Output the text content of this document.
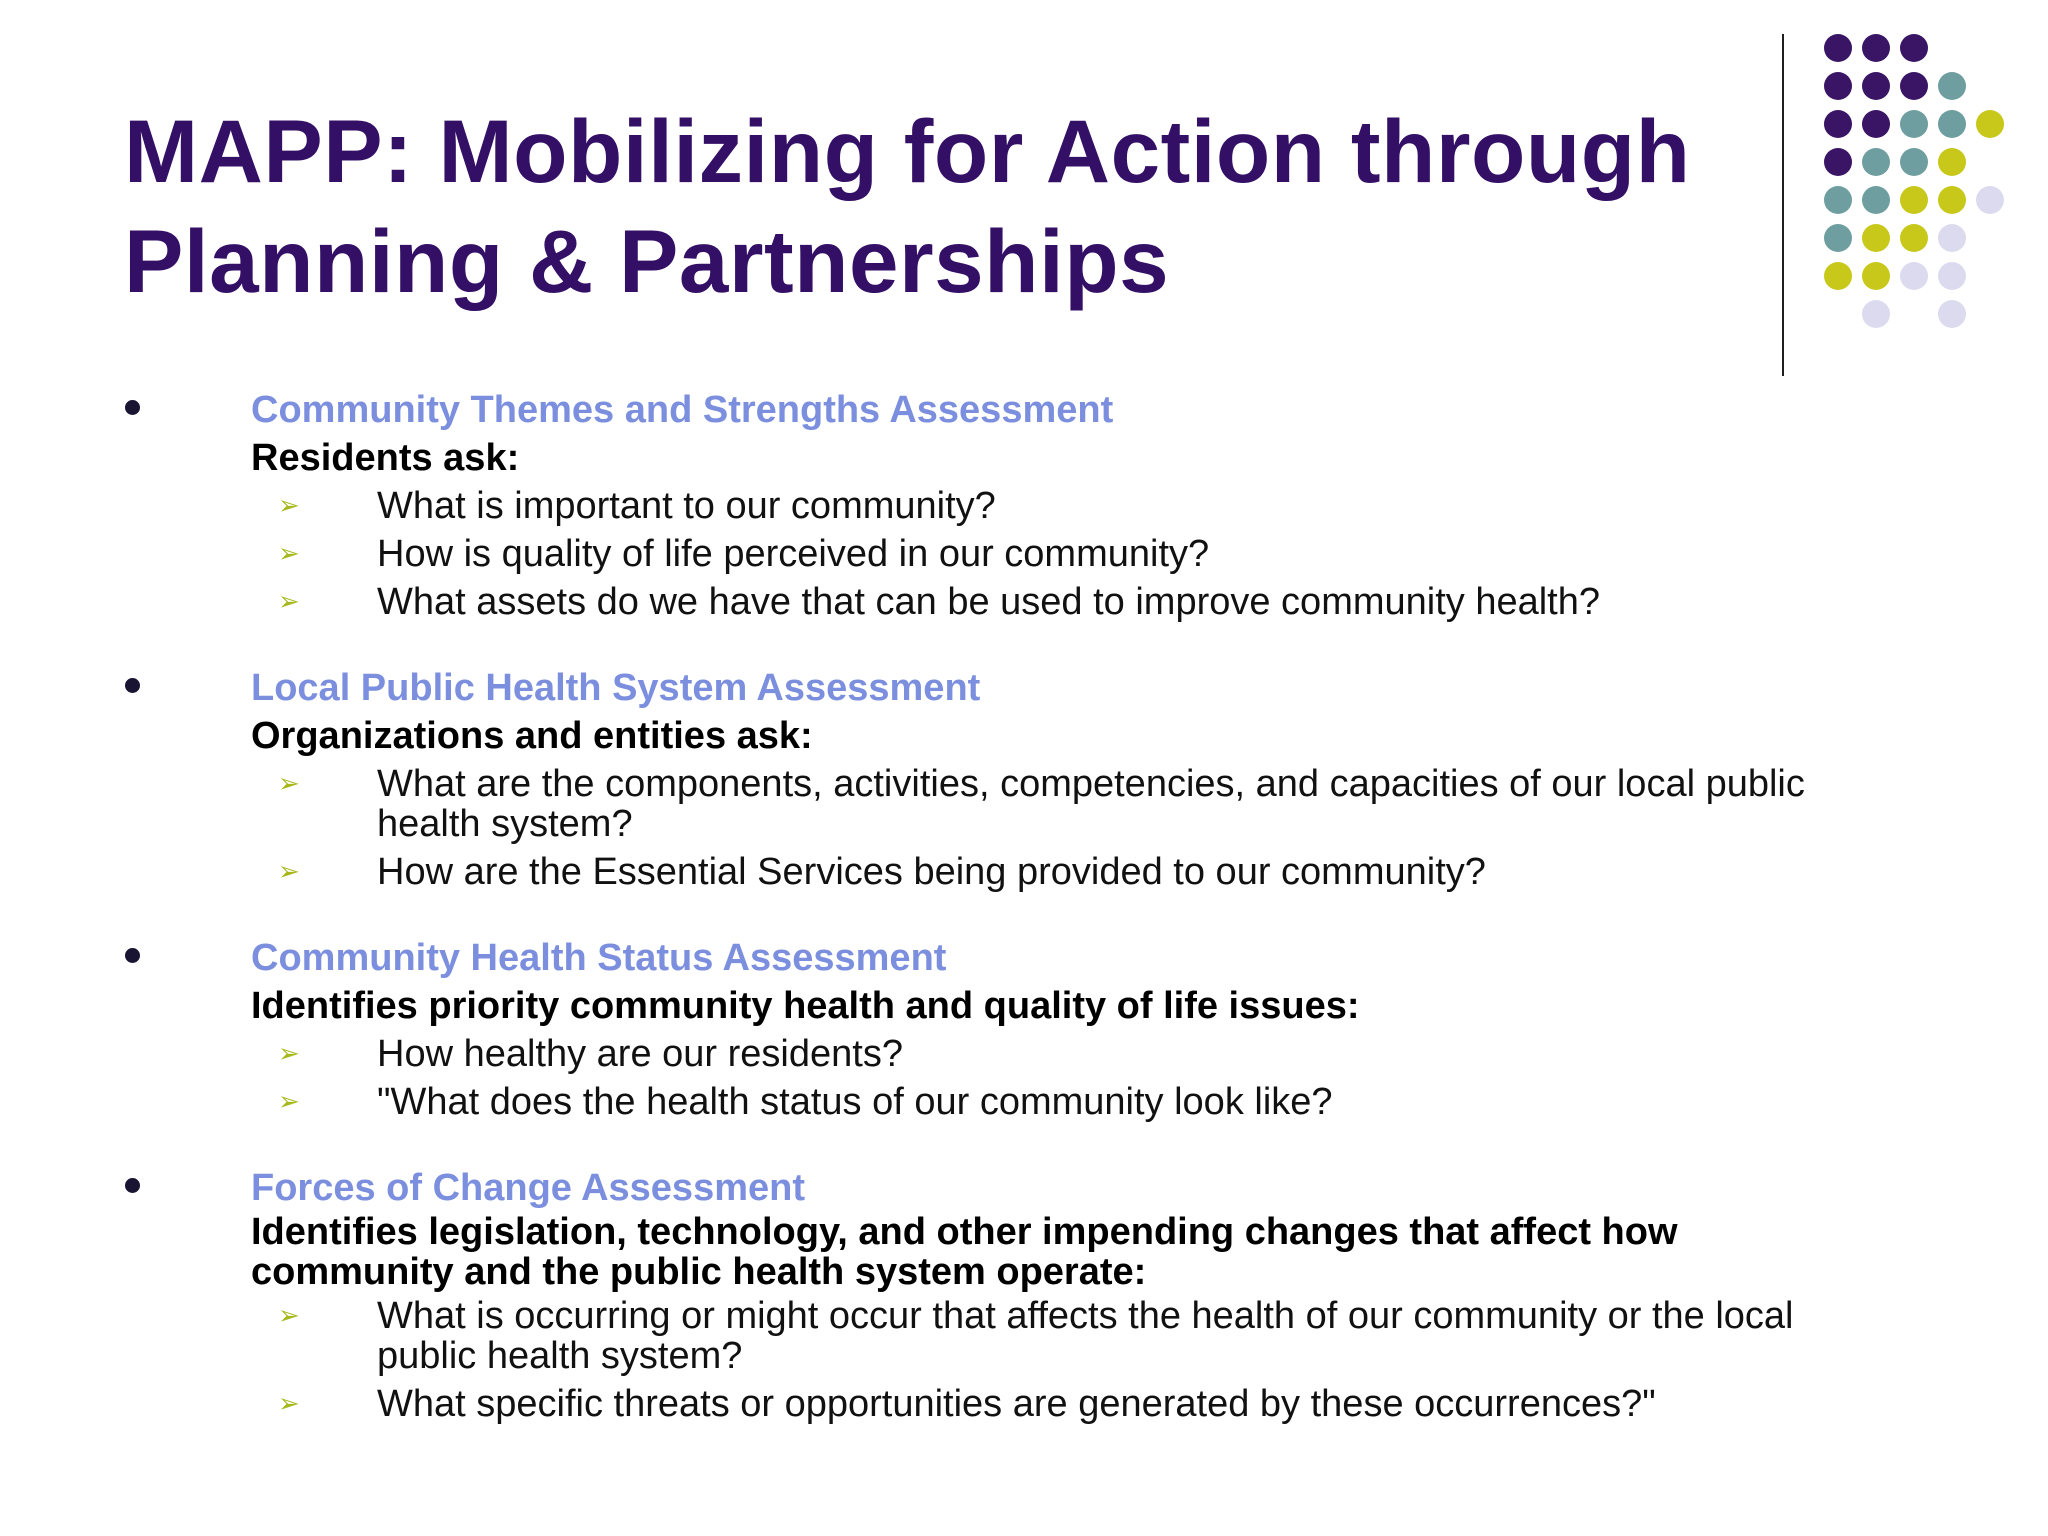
MAPP: Mobilizing for Action through
Planning & Partnerships
Community Themes and Strengths Assessment
Residents ask:
➢ What is important to our community?
➢ How is quality of life perceived in our community?
➢ What assets do we have that can be used to improve community health?
Local Public Health System Assessment
Organizations and entities ask:
➢ What are the components, activities, competencies, and capacities of our local public health system?
➢ How are the Essential Services being provided to our community?
Community Health Status Assessment
Identifies priority community health and quality of life issues:
➢ How healthy are our residents?
➢ "What does the health status of our community look like?
Forces of Change Assessment
Identifies legislation, technology, and other impending changes that affect how community and the public health system operate:
➢ What is occurring or might occur that affects the health of our community or the local public health system?
➢ What specific threats or opportunities are generated by these occurrences?"
